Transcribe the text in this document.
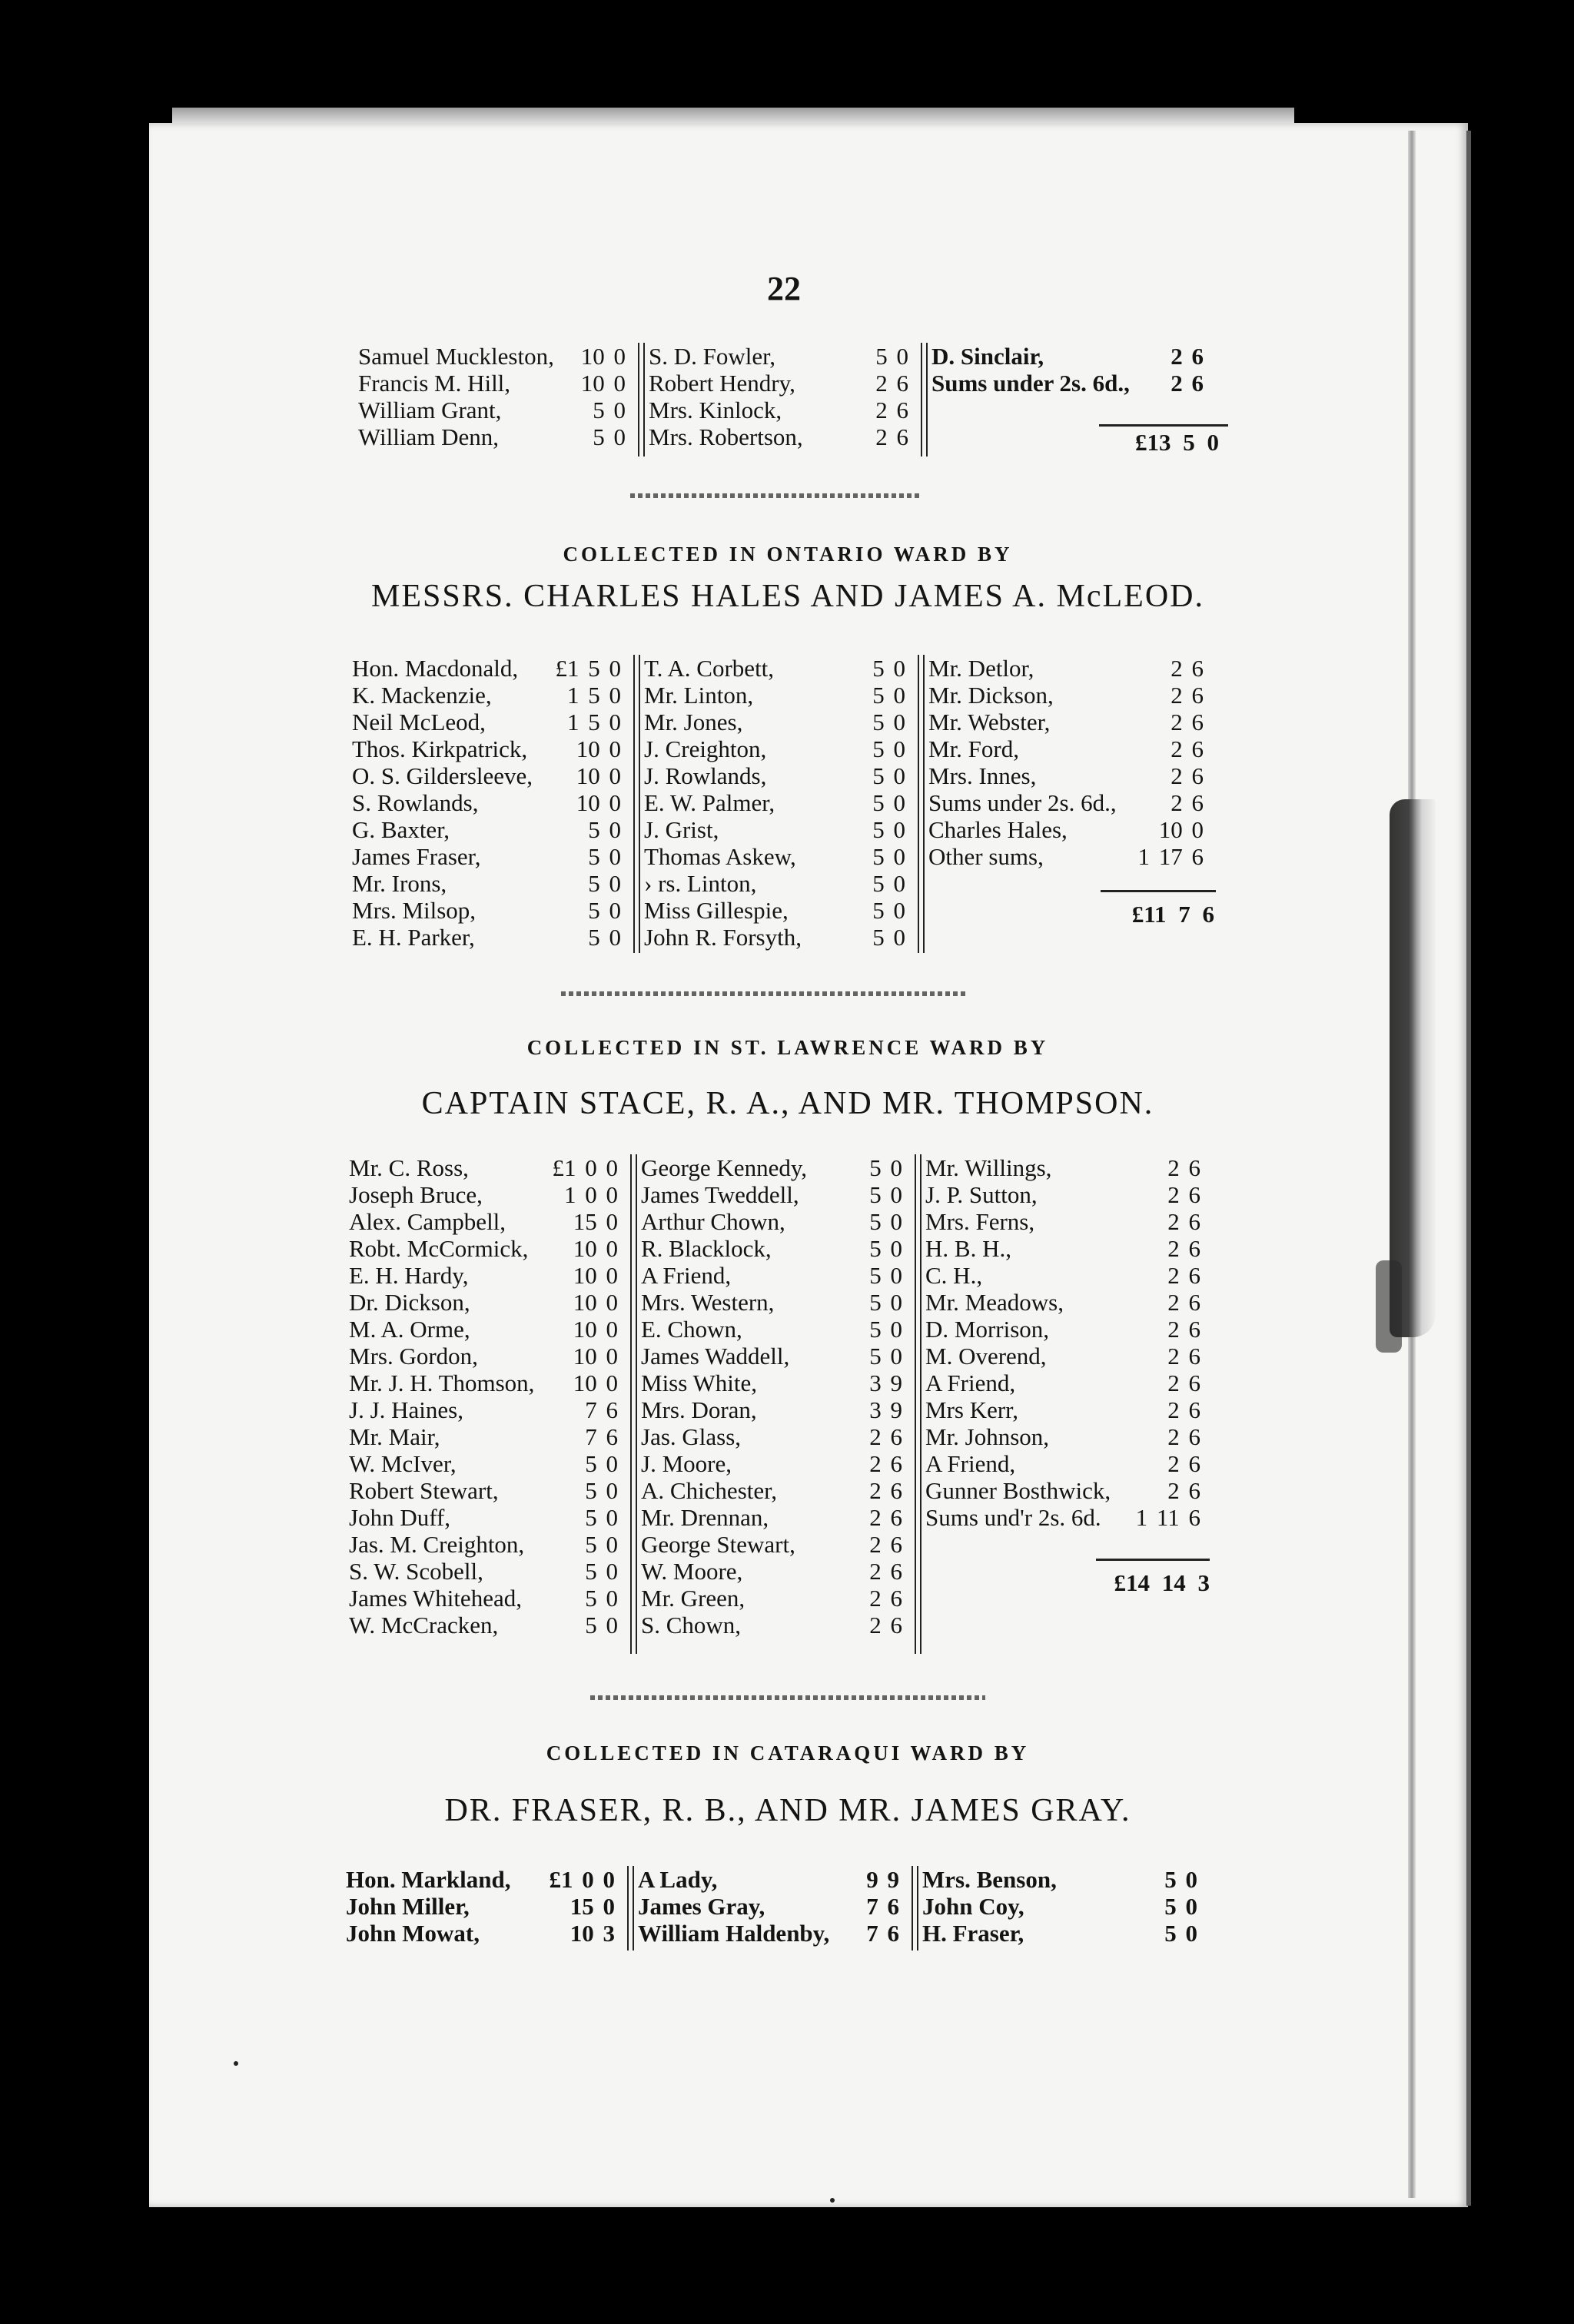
22
Samuel Muckleston, 10 0
Francis M. Hill,	10 0
William Grant,	5 0
William Denn,	5 0
S. D. Fowler,	5 0
Robert Hendry,	2 6
Mrs. Kinlock,	2 6
Mrs. Robertson,	2 6
D. Sinclair,	2 6
Sums under 2s. 6d., 2 6
£13 5 0
COLLECTED IN ONTARIO WARD BY
MESSRS. CHARLES HALES AND JAMES A. McLEOD.
Hon. Macdonald, £1 5 0
K. Mackenzie,	1 5 0
Neil McLeod,	1 5 0
Thos. Kirkpatrick, 10 0
O. S. Gildersleeve, 10 0
S. Rowlands,	10 0
G. Baxter,	5 0
James Fraser,	5 0
Mr. Irons,	5 0
Mrs. Milsop,	5 0
E. H. Parker,	5 0
T. A. Corbett,	5 0
Mr. Linton,	5 0
Mr. Jones,	5 0
J. Creighton,	5 0
J. Rowlands,	5 0
E. W. Palmer,	5 0
J. Grist,	5 0
Thomas Askew,	5 0
› rs. Linton,	5 0
Miss Gillespie,	5 0
John R. Forsyth,	5 0
Mr. Detlor,	2 6
Mr. Dickson,	2 6
Mr. Webster,	2 6
Mr. Ford,	2 6
Mrs. Innes,	2 6
Sums under 2s. 6d., 2 6
Charles Hales,	10 0
Other sums,	1 17 6
£11 7 6
COLLECTED IN ST. LAWRENCE WARD BY
CAPTAIN STACE, R. A., AND MR. THOMPSON.
Mr. C. Ross,	£1 0 0
Joseph Bruce,	1 0 0
Alex. Campbell,	15 0
Robt. McCormick, 10 0
E. H. Hardy,	10 0
Dr. Dickson,	10 0
M. A. Orme,	10 0
Mrs. Gordon,	10 0
Mr. J. H. Thomson, 10 0
J. J. Haines,	7 6
Mr. Mair,	7 6
W. McIver,	5 0
Robert Stewart,	5 0
John Duff,	5 0
Jas. M. Creighton,	5 0
S. W. Scobell,	5 0
James Whitehead,	5 0
W. McCracken,	5 0
George Kennedy,	5 0
James Tweddell,	5 0
Arthur Chown,	5 0
R. Blacklock,	5 0
A Friend,	5 0
Mrs. Western,	5 0
E. Chown,	5 0
James Waddell,	5 0
Miss White,	3 9
Mrs. Doran,	3 9
Jas. Glass,	2 6
J. Moore,	2 6
A. Chichester,	2 6
Mr. Drennan,	2 6
George Stewart,	2 6
W. Moore,	2 6
Mr. Green,	2 6
S. Chown,	2 6
Mr. Willings,	2 6
J. P. Sutton,	2 6
Mrs. Ferns,	2 6
H. B. H.,	2 6
C. H.,	2 6
Mr. Meadows,	2 6
D. Morrison,	2 6
M. Overend,	2 6
A Friend,	2 6
Mrs Kerr,	2 6
Mr. Johnson,	2 6
A Friend,	2 6
Gunner Bosthwick, 2 6
Sums und'r 2s. 6d. 1 11 6
£14 14 3
COLLECTED IN CATARAQUI WARD BY
DR. FRASER, R. B., AND MR. JAMES GRAY.
Hon. Markland, £1 0 0
John Miller,	15 0
John Mowat,	10 3
A Lady,	9 9
James Gray,	7 6
William Haldenby, 7 6
Mrs. Benson,	5 0
John Coy,	5 0
H. Fraser,	5 0
